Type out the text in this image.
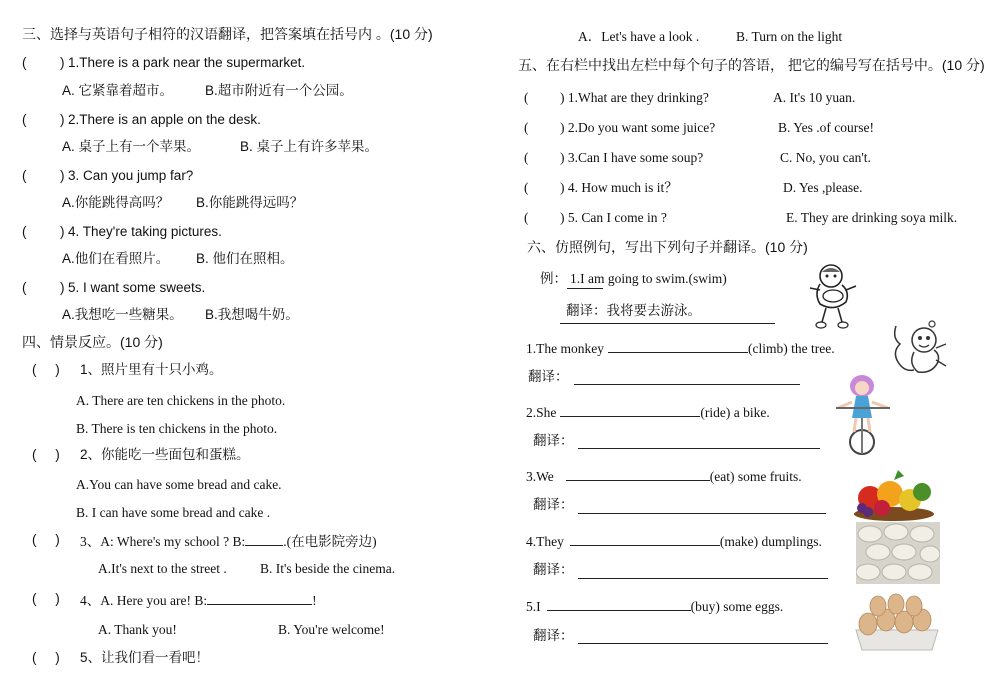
三、选择与英语句子相符的汉语翻译，把答案填在括号内 。(10 分)
( ) 1.There is a park near the supermarket.
A. 它紧靠着超市。 B.超市附近有一个公园。
( ) 2.There is an apple on the desk.
A. 桌子上有一个苹果。	B. 桌子上有许多苹果。
( ) 3. Can you jump far?
A.你能跳得高吗？ B.你能跳得远吗？
( ) 4. They're taking pictures.
A.他们在看照片。 B. 他们在照相。
( ) 5. I want some sweets.
A.我想吃一些糖果。 B.我想喝牛奶。
四、情景反应。(10 分)
(     ) 1、照片里有十只小鸡。
A. There are ten chickens in the photo.
B. There is ten chickens in the photo.
(     ) 2、你能吃一些面包和蛋糕。
A.You can have some bread and cake.
B. I can have some bread and cake .
(     ) 3、A: Where's my school ? B:	.(在电影院旁边)
A.It's next to the street . B. It's beside the cinema.
(     ) 4、A. Here you are! B:	!
A. Thank you!	B. You're welcome!
(     ) 5、让我们看一看吧！
A．Let's have a look .	B. Turn on the light
五、在右栏中找出左栏中每个句子的答语， 把它的编号写在括号中。(10 分)
( ) 1.What are they drinking?	A. It's 10 yuan.
( ) 2.Do you want some juice?	B. Yes .of course!
( ) 3.Can I have some soup?	C. No, you can't.
( ) 4. How much is it？	D. Yes ,please.
( ) 5. Can I come in ?	E. They are drinking soya milk.
六、仿照例句，写出下列句子并翻译。(10 分)
例： 1.I am going to swim.(swim)
翻译：我将要去游泳。
1.The monkey	(climb) the tree.
翻译：
2.She	(ride) a bike.
翻译：
3.We	(eat) some fruits.
翻译：
4.They	(make) dumplings.
翻译：
5.I	(buy) some eggs.
翻译：
